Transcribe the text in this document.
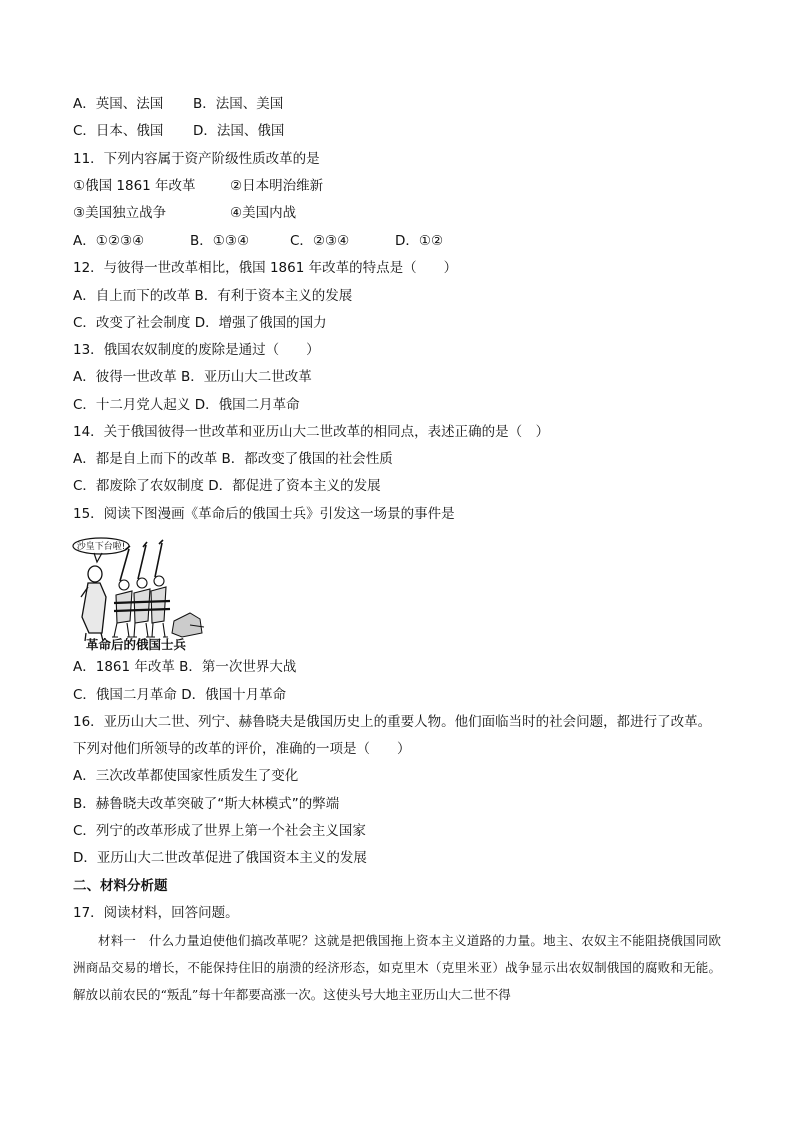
A．英国、法国 B．法国、美国
C．日本、俄国 D．法国、俄国
11．下列内容属于资产阶级性质改革的是
①俄国 1861 年改革	②日本明治维新
③美国独立战争	④美国内战
A．①②③④	B．①③④	C．②③④	D．①②
12．与彼得一世改革相比，俄国 1861 年改革的特点是（　　）
A．自上而下的改革 B．有利于资本主义的发展
C．改变了社会制度 D．增强了俄国的国力
13．俄国农奴制度的废除是通过（　　）
A．彼得一世改革 B．亚历山大二世改革
C．十二月党人起义 D．俄国二月革命
14．关于俄国彼得一世改革和亚历山大二世改革的相同点，表述正确的是（　）
A．都是自上而下的改革 B．都改变了俄国的社会性质
C．都废除了农奴制度 D．都促进了资本主义的发展
15．阅读下图漫画《革命后的俄国士兵》引发这一场景的事件是
沙皇下台啦!
革命后的俄国士兵
A．1861 年改革 B．第一次世界大战
C．俄国二月革命 D．俄国十月革命
16．亚历山大二世、列宁、赫鲁晓夫是俄国历史上的重要人物。他们面临当时的社会问题，都进行了改革。
下列对他们所领导的改革的评价，准确的一项是（　　）
A．三次改革都使国家性质发生了变化
B．赫鲁晓夫改革突破了“斯大林模式”的弊端
C．列宁的改革形成了世界上第一个社会主义国家
D．亚历山大二世改革促进了俄国资本主义的发展
二、材料分析题
17．阅读材料，回答问题。

材料一　什么力量迫使他们搞改革呢？这就是把俄国拖上资本主义道路的力量。地主、农奴主不能阻挠俄国同欧洲商品交易的增长，不能保持住旧的崩溃的经济形态，如克里木（克里米亚）战争显示出农奴制俄国的腐败和无能。解放以前农民的“叛乱”每十年都要高涨一次。这使头号大地主亚历山大二世不得
